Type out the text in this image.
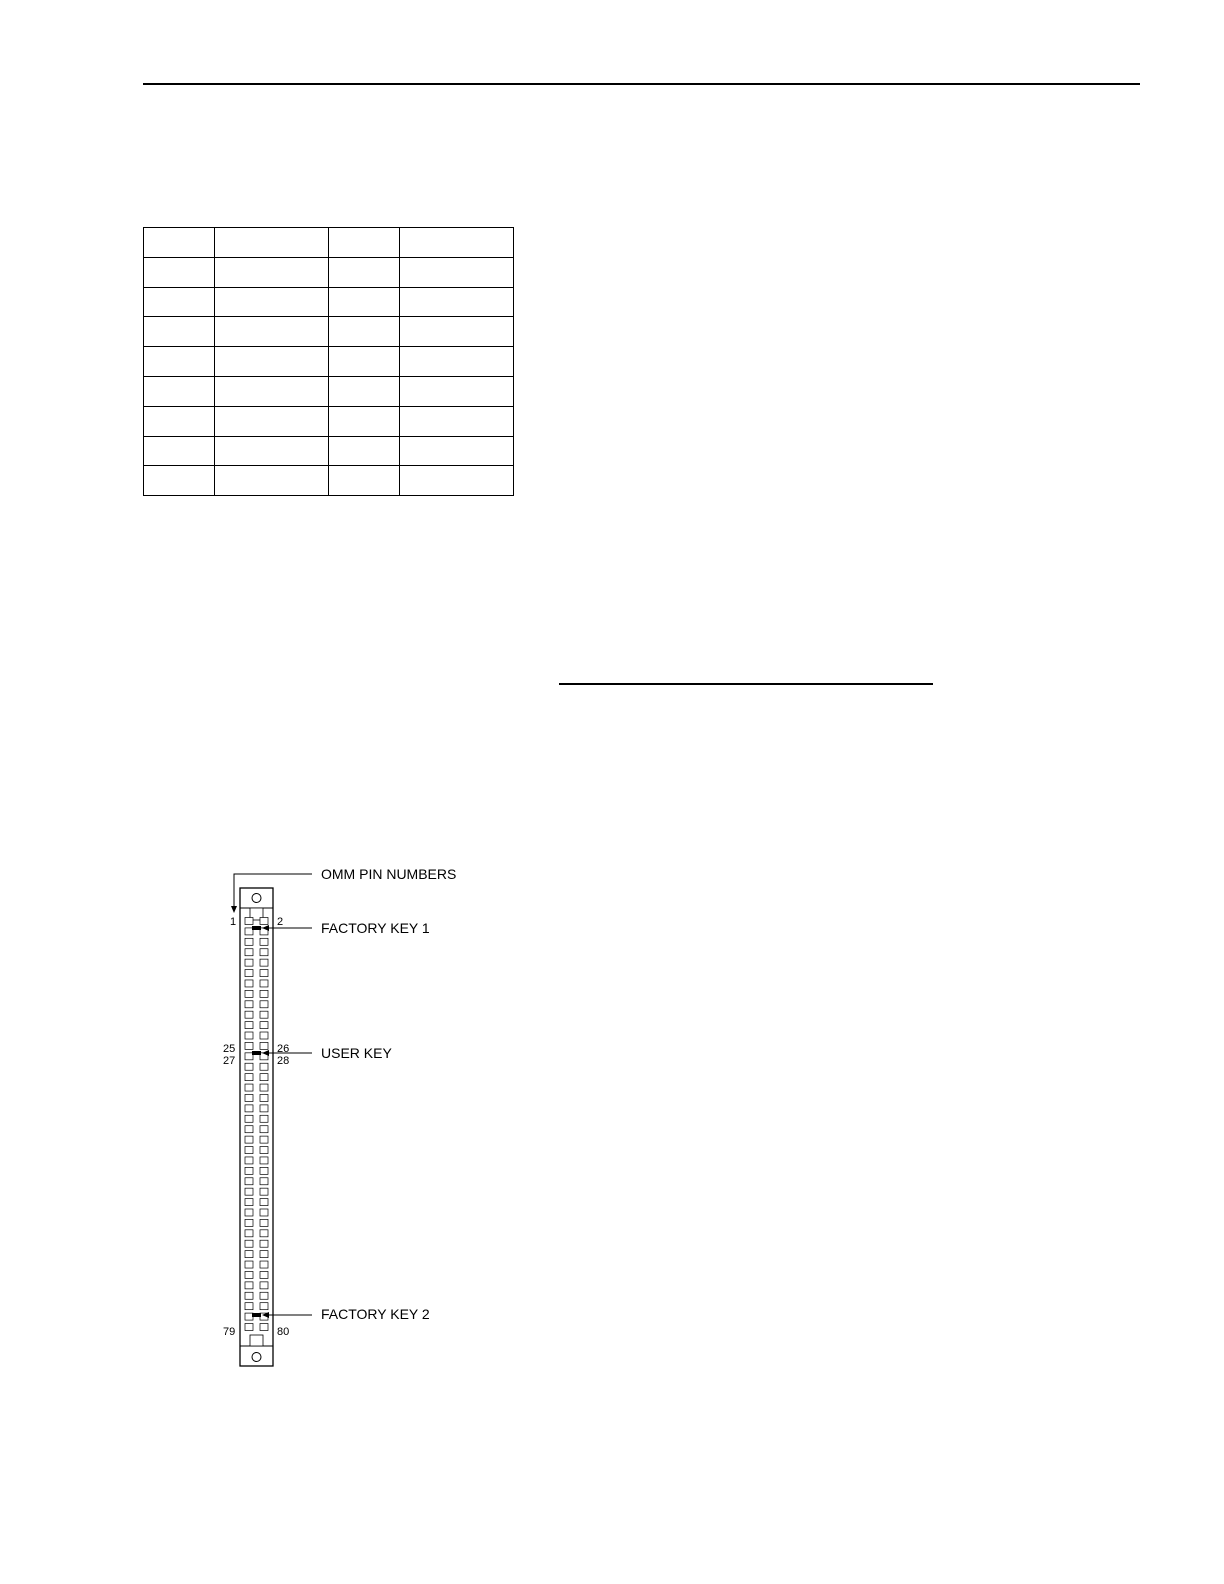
OMM PIN NUMBERS
FACTORY KEY 1
USER KEY
FACTORY KEY 2
1	2
25	26
27	28
79	80
